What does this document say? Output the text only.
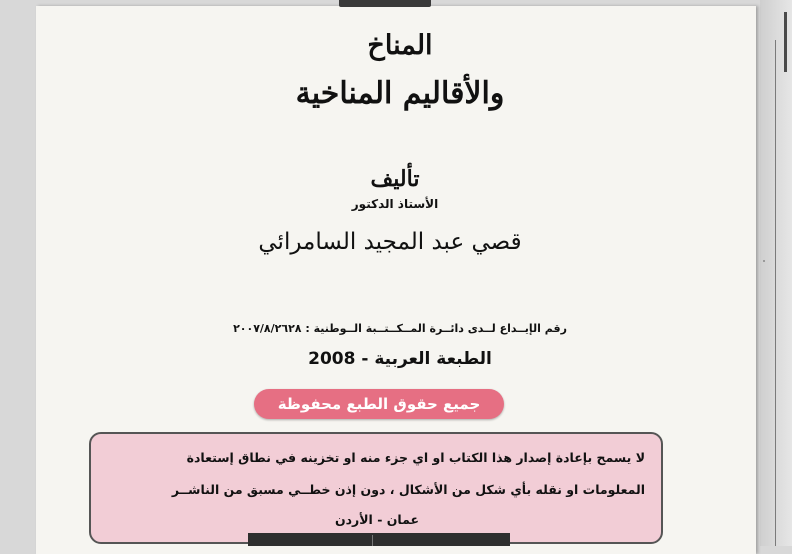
المناخ
والأقاليم المناخية
تأليف
الأستاذ الدكتور
قصي عبد المجيد السامرائي
رقم الإيــداع لــدى دائــرة المــكــتــبة الــوطنية : ٢٠٠٧/٨/٢٦٢٨
الطبعة العربية - 2008
جميع حقوق الطبع محفوظة

لا يسمح بإعادة إصدار هذا الكتاب او اي جزء منه او تخزينه في نطاق إستعادة

المعلومات او نقله بأي شكل من الأشكال ، دون إذن خطــي مسبق من الناشــر

عمان - الأردن
